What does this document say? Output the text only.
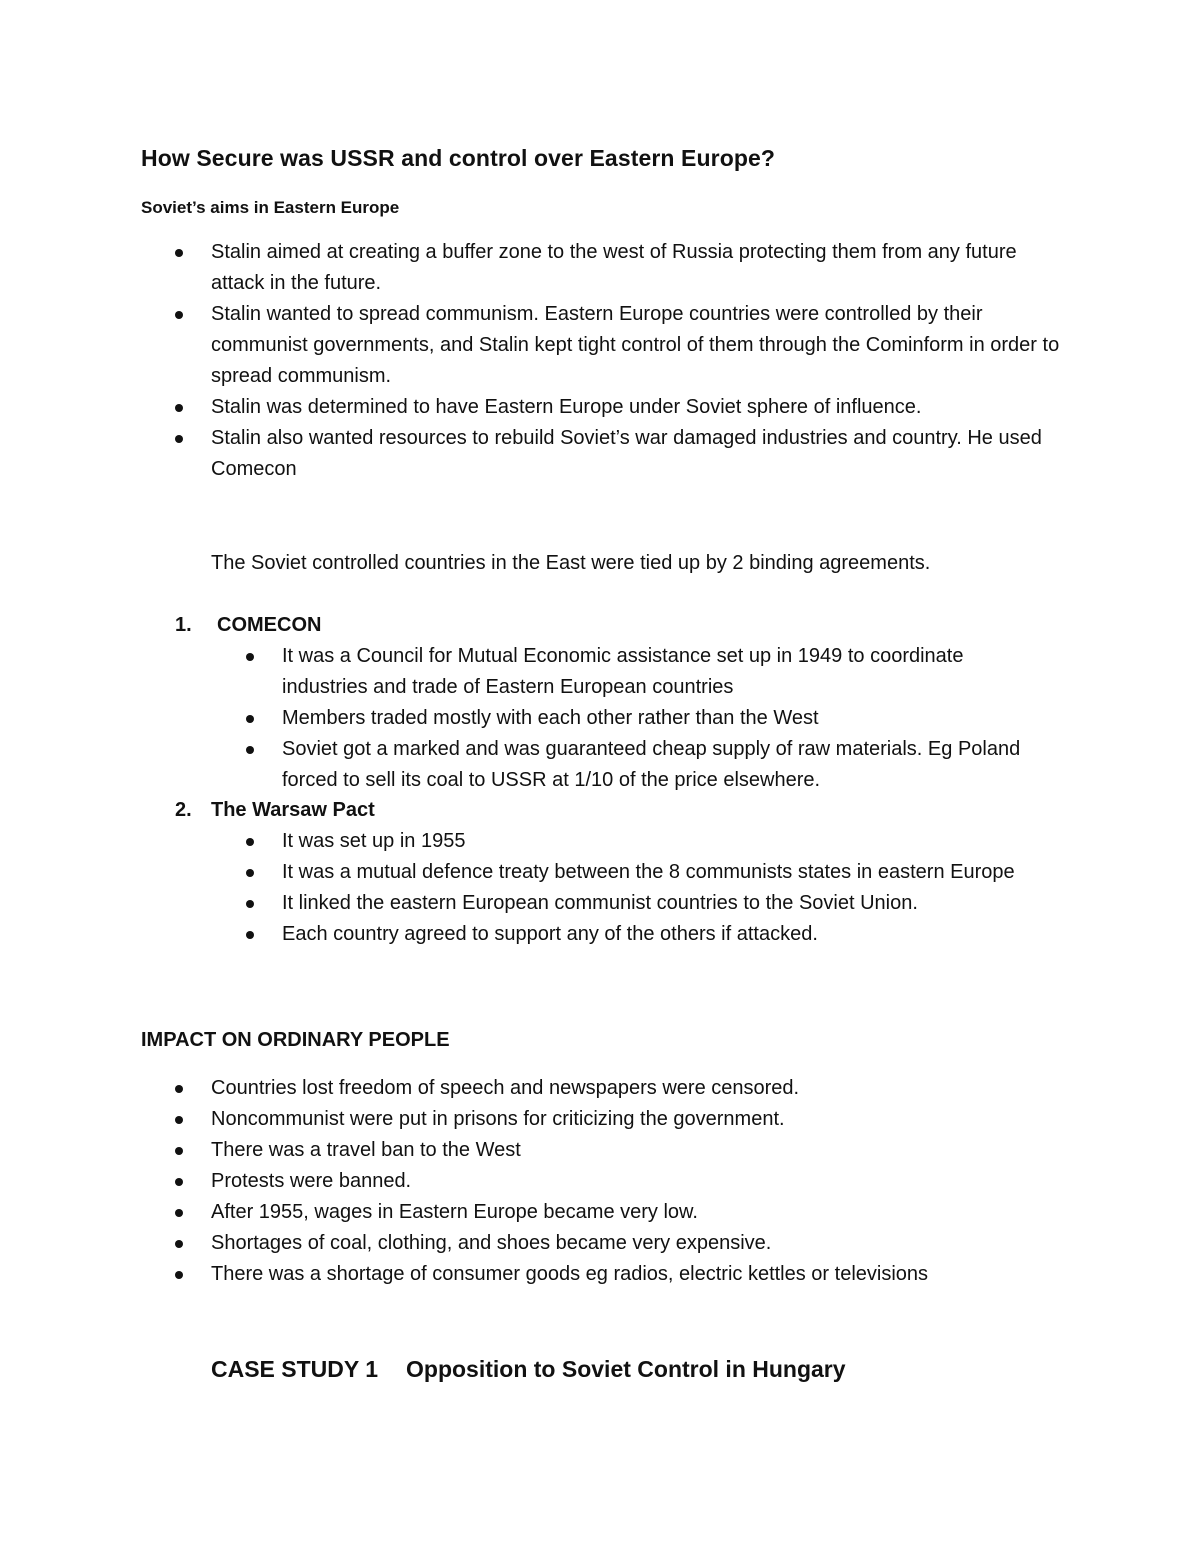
How Secure was USSR and control over Eastern Europe?
Soviet’s aims in Eastern Europe
Stalin aimed at creating a buffer zone to the west of Russia protecting them from any future attack in the future.
Stalin wanted to spread communism. Eastern Europe countries were controlled by their communist governments, and Stalin kept tight control of them through the Cominform in order to spread communism.
Stalin was determined to have Eastern Europe under Soviet sphere of influence.
Stalin also wanted resources to rebuild Soviet’s war damaged industries and country. He used Comecon
The Soviet controlled countries in the East were tied up by 2 binding agreements.
1. COMECON
It was a Council for Mutual Economic assistance set up in 1949 to coordinate industries and trade of Eastern European countries
Members traded mostly with each other rather than the West
Soviet got a marked and was guaranteed cheap supply of raw materials. Eg Poland forced to sell its coal to USSR at 1/10 of the price elsewhere.
2. The Warsaw Pact
It was set up in 1955
It was a mutual defence treaty between the 8 communists states in eastern Europe
It linked the eastern European communist countries to the Soviet Union.
Each country agreed to support any of the others if attacked.
IMPACT ON ORDINARY PEOPLE
Countries lost freedom of speech and newspapers were censored.
Noncommunist were put in prisons for criticizing the government.
There was a travel ban to the West
Protests were banned.
After 1955, wages in Eastern Europe became very low.
Shortages of coal, clothing, and shoes became very expensive.
There was a shortage of consumer goods eg radios, electric kettles or televisions
CASE STUDY 1 Opposition to Soviet Control in Hungary
